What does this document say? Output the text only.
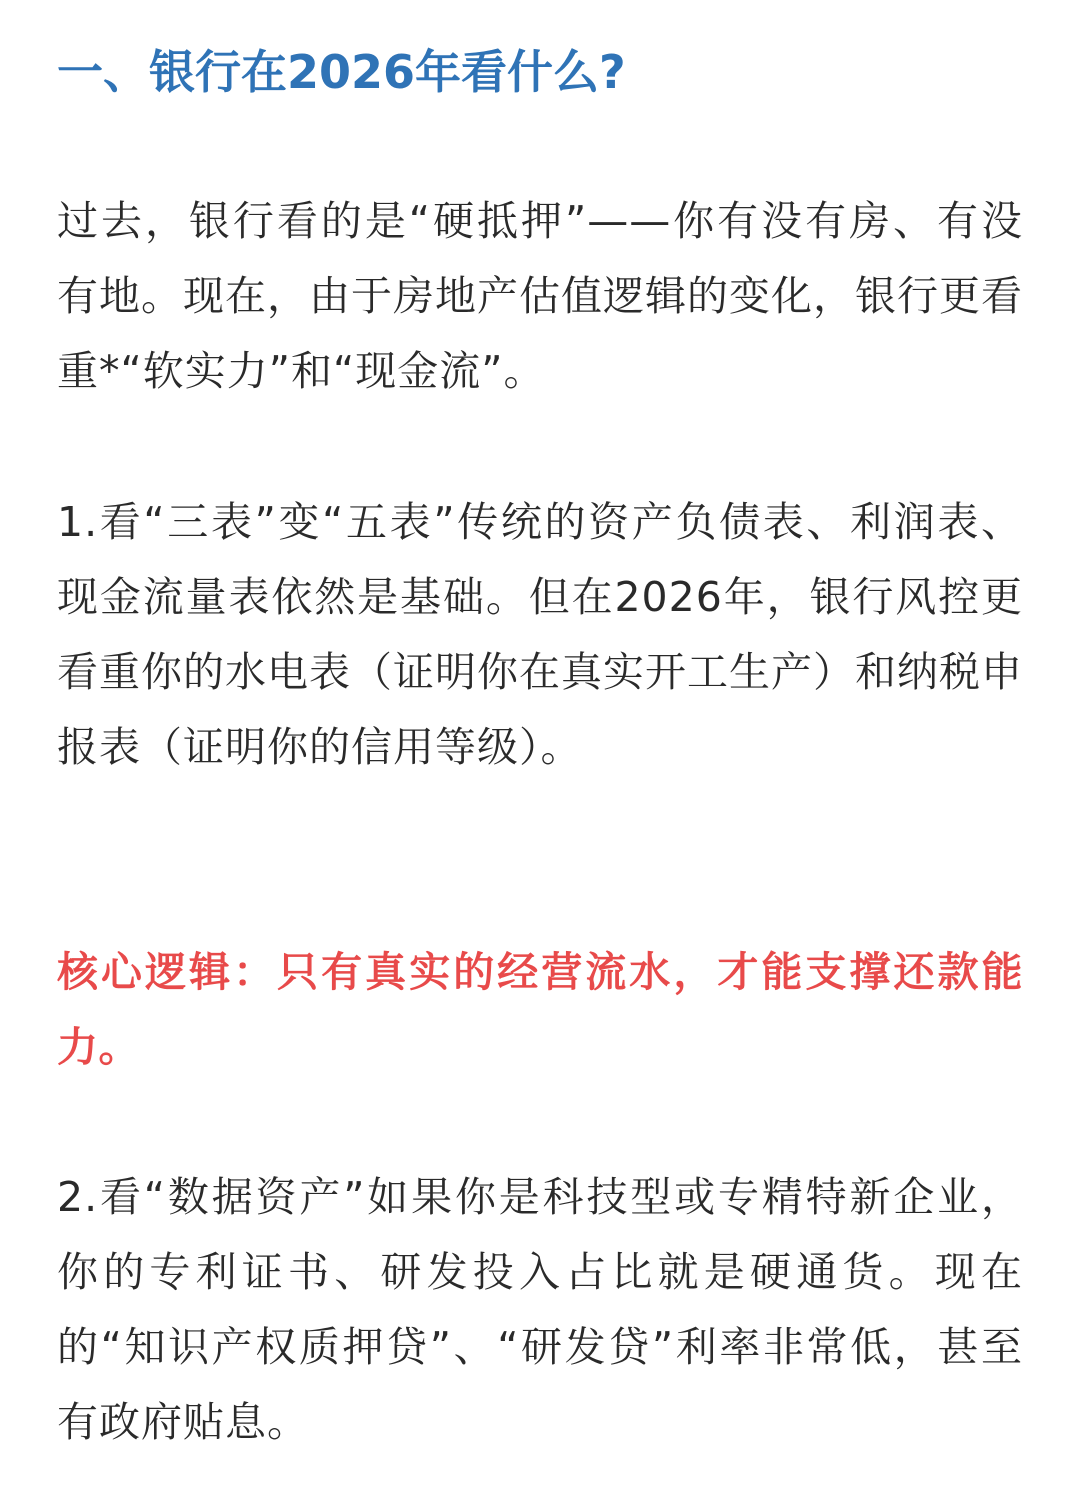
一、银行在2026年看什么?

过去，银行看的是“硬抵押”——你有没有房、有没有地。现在，由于房地产估值逻辑的变化，银行更看重*“软实力”和“现金流”。

1.看“三表”变“五表”传统的资产负债表、利润表、现金流量表依然是基础。但在2026年，银行风控更看重你的水电表（证明你在真实开工生产）和纳税申报表（证明你的信用等级）。

核心逻辑：只有真实的经营流水，才能支撑还款能力。

2.看“数据资产”如果你是科技型或专精特新企业，你的专利证书、研发投入占比就是硬通货。现在的“知识产权质押贷”、“研发贷”利率非常低，甚至有政府贴息。
